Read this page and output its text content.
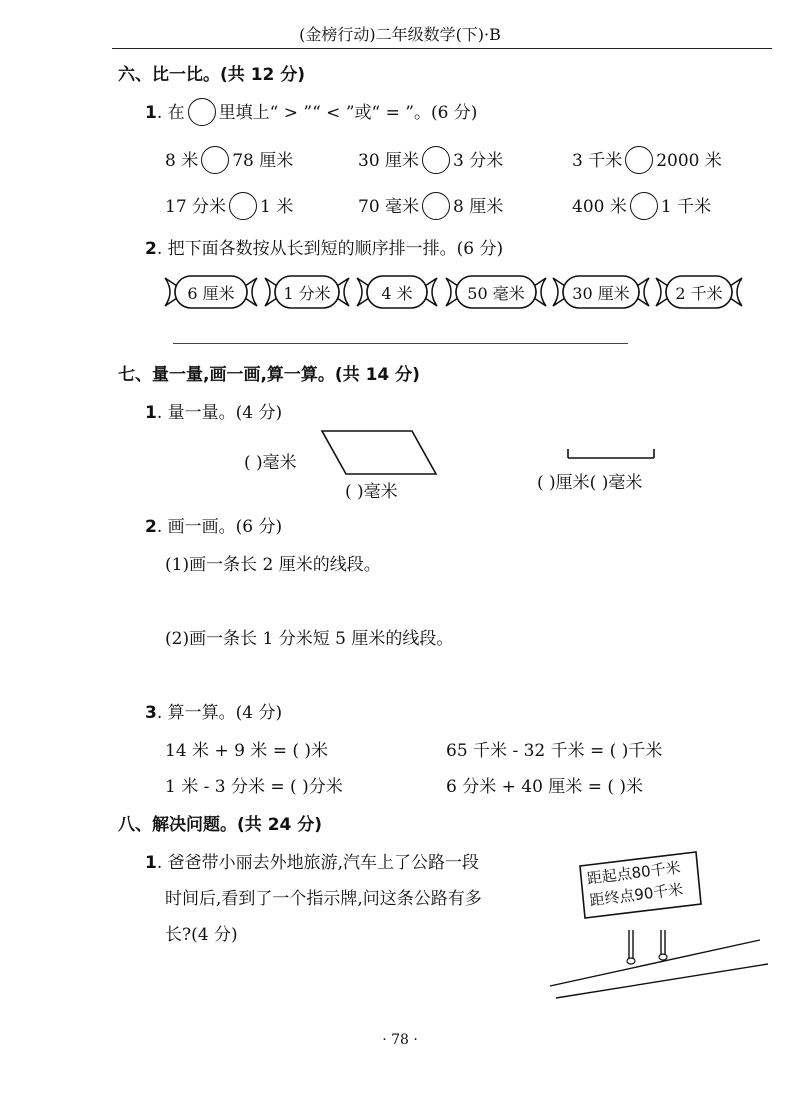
(金榜行动)二年级数学(下)·B
六、比一比。(共 12 分)
1. 在 里填上“ > ”“ < ”或“ = ”。(6 分)
8 米 78 厘米	30 厘米 3 分米	3 千米 2000 米
17 分米 1 米	70 毫米 8 厘米	400 米 1 千米
2. 把下面各数按从长到短的顺序排一排。(6 分)
6 厘米	1 分米	4 米	50 毫米	30 厘米	2 千米
七、量一量,画一画,算一算。(共 14 分)
1. 量一量。(4 分)
( )毫米
( )毫米	( )厘米( )毫米
2. 画一画。(6 分)
(1)画一条长 2 厘米的线段。
(2)画一条长 1 分米短 5 厘米的线段。
3. 算一算。(4 分)
14 米 + 9 米 = ( )米	65 千米 - 32 千米 = ( )千米
1 米 - 3 分米 = ( )分米	6 分米 + 40 厘米 = ( )米
八、解决问题。(共 24 分)
1. 爸爸带小丽去外地旅游,汽车上了公路一段
时间后,看到了一个指示牌,问这条公路有多
长?(4 分)
距起点80千米
距终点90千米
· 78 ·
